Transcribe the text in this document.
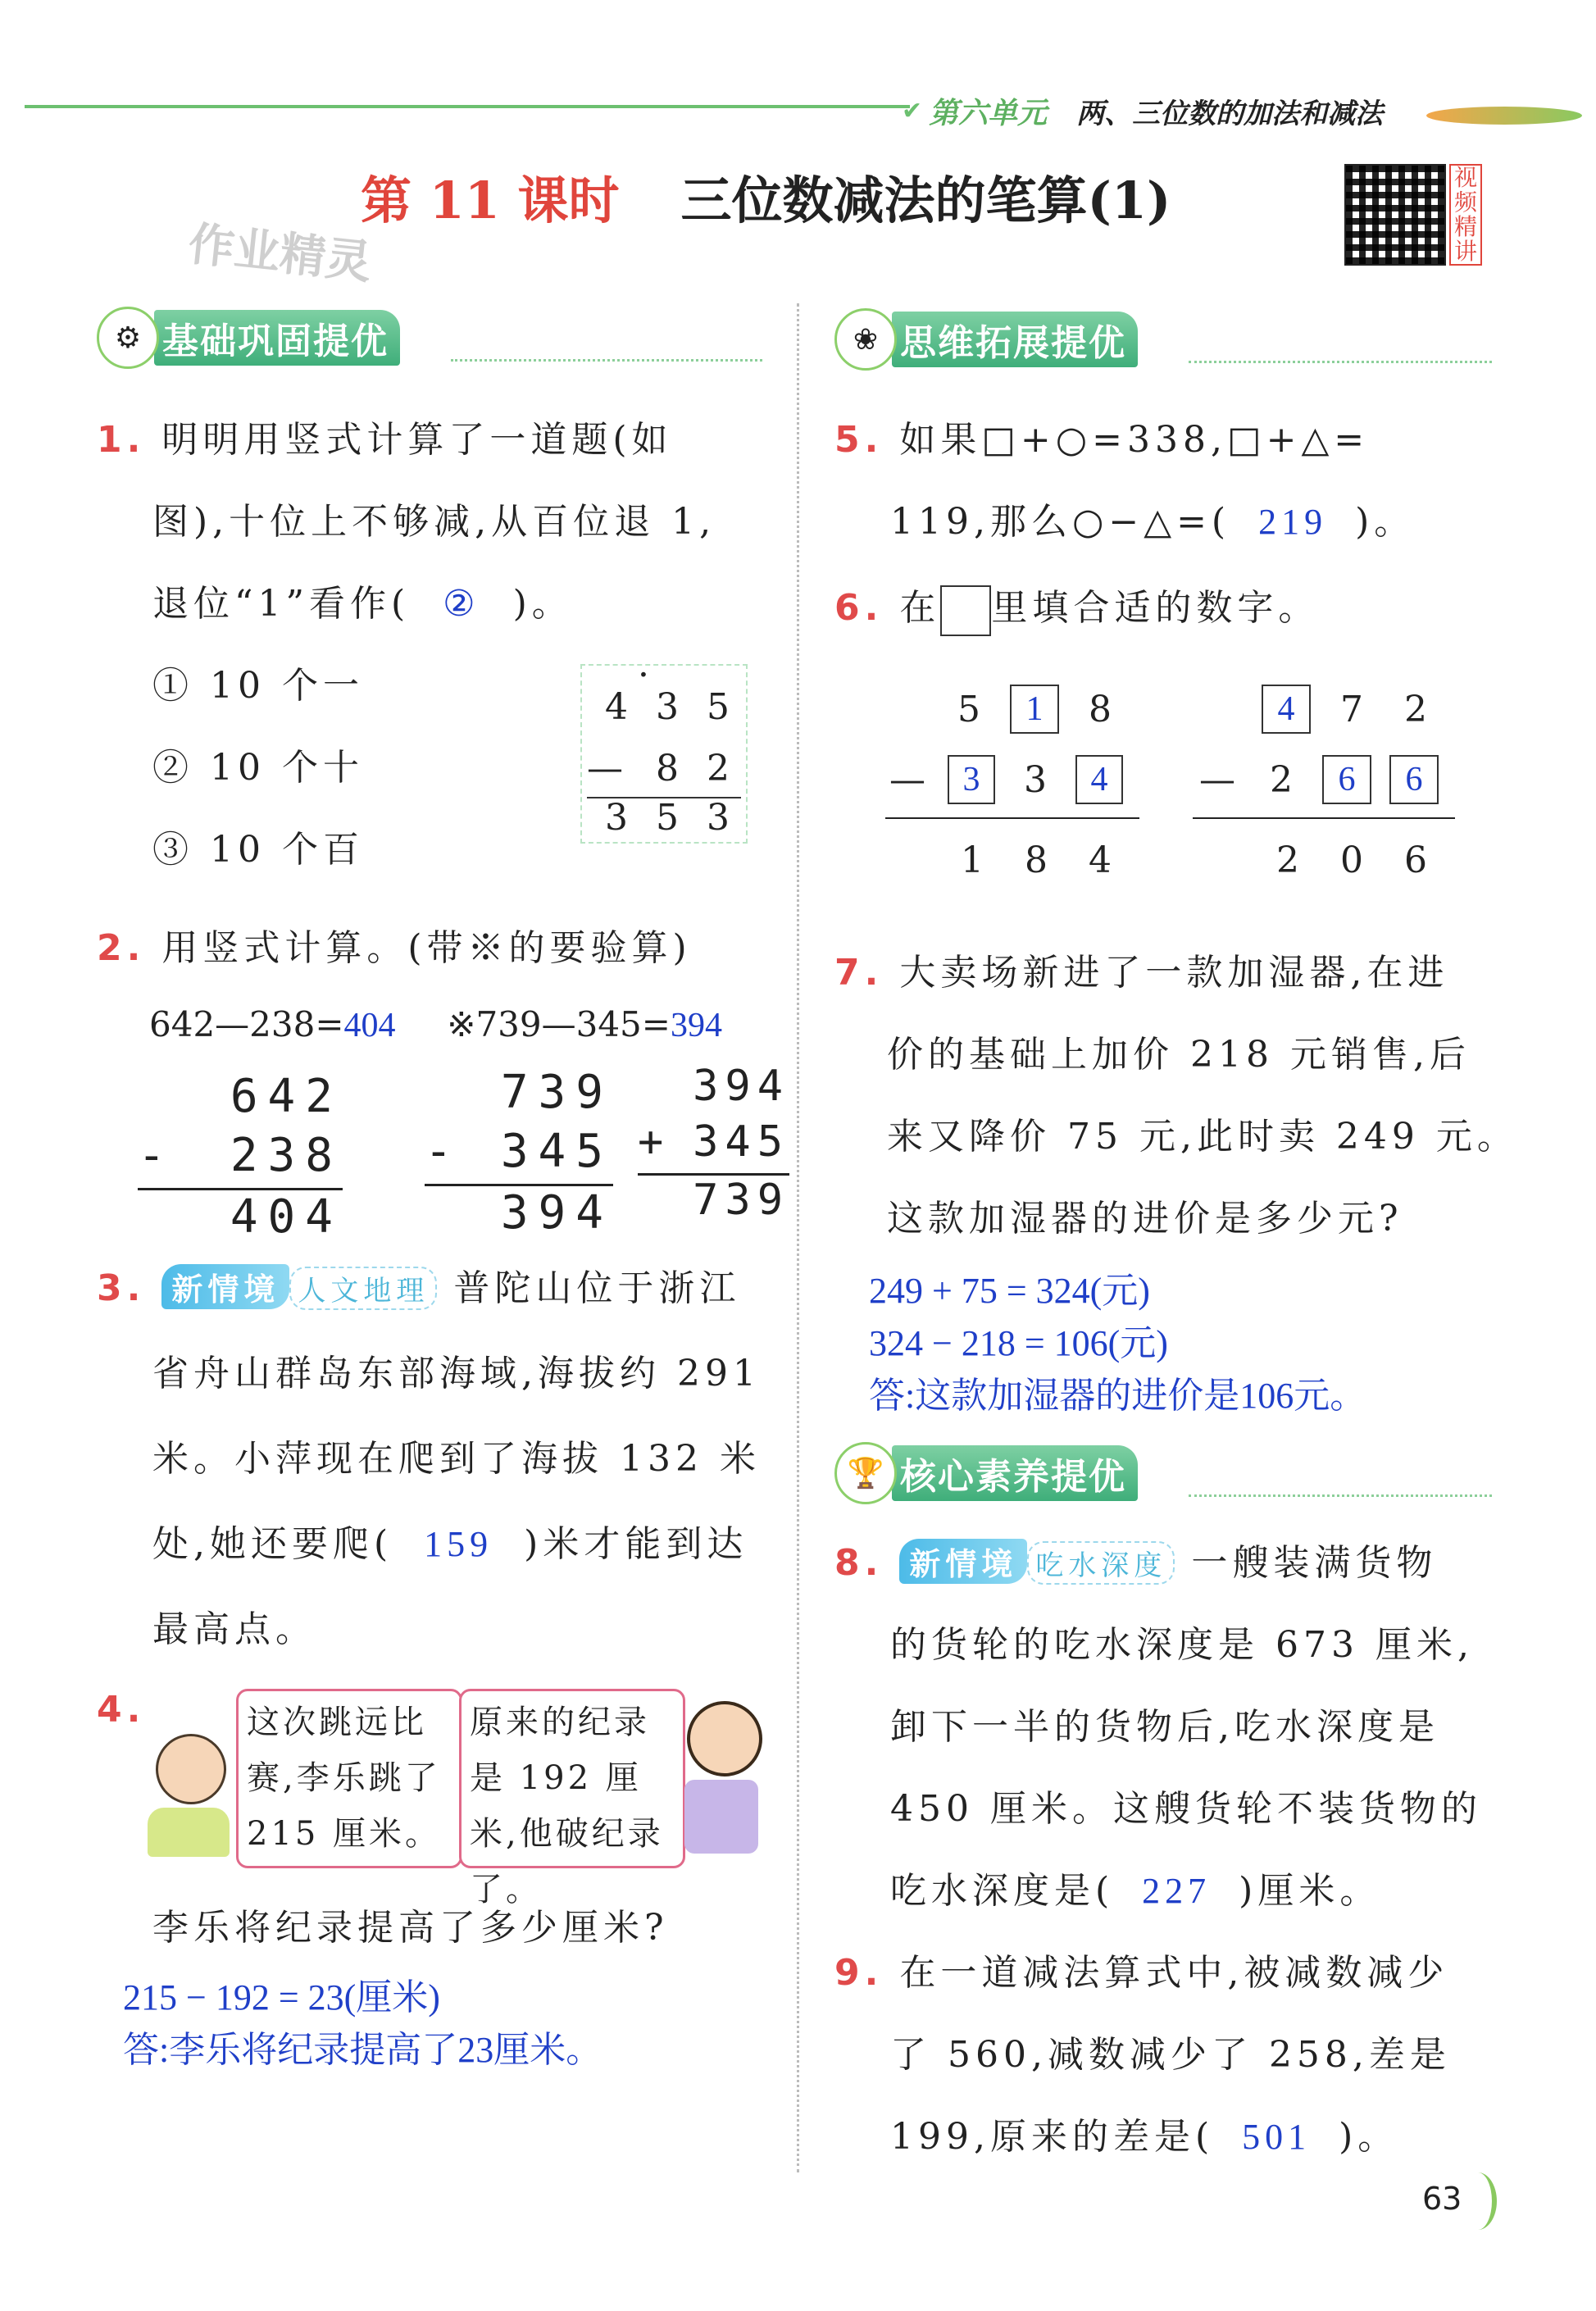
✔ 第六单元 两、三位数的加法和减法
第 11 课时 三位数减法的笔算(1)
作业精灵
视频精讲
⚙ 基础巩固提优
1. 明明用竖式计算了一道题(如
图),十位上不够减,从百位退 1,
退位“1”看作( ② )。
① 10 个一
② 10 个十
③ 10 个百
·
4 3 5
— 8 2
3 5 3
2. 用竖式计算。(带※的要验算)
642—238=404 ※739—345=394
642
- 238
404
739
- 345
394
394
+ 345
739
3. 新情境 人文地理 普陀山位于浙江
省舟山群岛东部海域,海拔约 291
米。小萍现在爬到了海拔 132 米
处,她还要爬( 159 )米才能到达
最高点。
4.	这次跳远比赛,李乐跳了 215 厘米。
原来的纪录是 192 厘米,他破纪录了。
李乐将纪录提高了多少厘米?
215 − 192 = 23(厘米)
答:李乐将纪录提高了23厘米。
❀ 思维拓展提优
5. 如果□+○=338,□+△=
119,那么○−△=( 219 )。
6. 在 里填合适的数字。
5	1	8
—	3	3	4
1	8	4
4	7	2
— 2	6	6
2	0	6
7. 大卖场新进了一款加湿器,在进
价的基础上加价 218 元销售,后
来又降价 75 元,此时卖 249 元。
这款加湿器的进价是多少元?
249 + 75 = 324(元)
324 − 218 = 106(元)
答:这款加湿器的进价是106元。
🏆 核心素养提优
8. 新情境 吃水深度 一艘装满货物
的货轮的吃水深度是 673 厘米,
卸下一半的货物后,吃水深度是
450 厘米。这艘货轮不装货物的
吃水深度是( 227 )厘米。
9. 在一道减法算式中,被减数减少
了 560,减数减少了 258,差是
199,原来的差是( 501 )。
63
